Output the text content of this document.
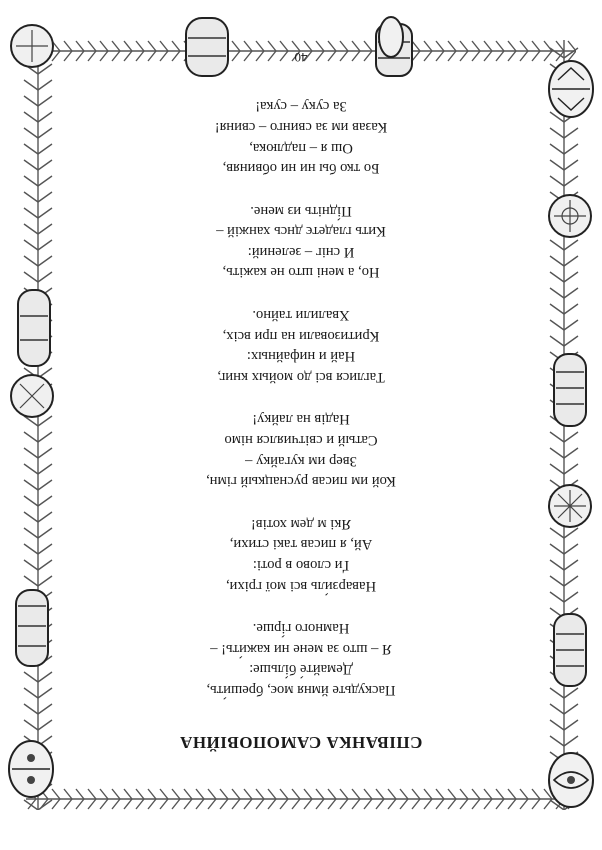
СПІВАНКА САМОПОВІЙНА
Паскудьте ймня моє, бреши́ть,
Демайте́ бі́льше:
Я – што за мене ни кажи́ть! –
Намного гі́рше.
Наварзи́ль всі мої гріхи,
Ґи слово в роті:
Ай, я писав такі стихи,
Які м дем хотів!
Кой им писав руснацкый гімн,
Звер им кугайку –
Сатый и світчиялся німо
Надів на лайку!
Таглися всі до мойых книг,
Най и нифайных:
Критизовали на при всіх,
Хвалили тайно.
Но, а мені што не кажіть,
И сніг – зелений:
Кить гладетє днсь ханжій –
Пі́дніть из мене.
Бо тко бы ни ни обвиняв,
Ош я – падлюка,
Казав им за свинго – свиня!
За суку – сука!
40
